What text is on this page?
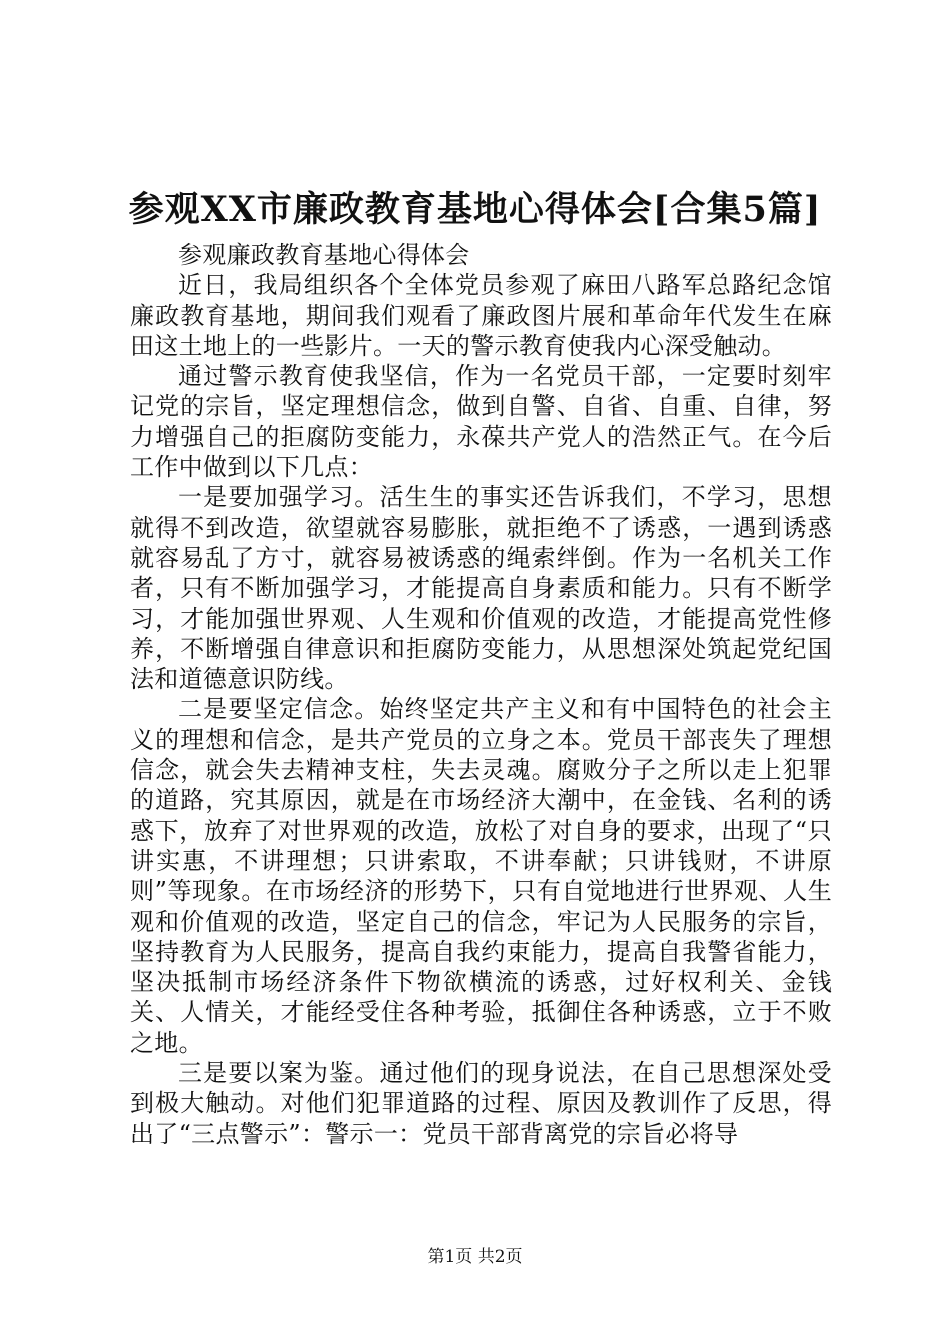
参观XX市廉政教育基地心得体会[合集5篇]

参观廉政教育基地心得体会

近日，我局组织各个全体党员参观了麻田八路军总路纪念馆廉政教育基地，期间我们观看了廉政图片展和革命年代发生在麻田这土地上的一些影片。一天的警示教育使我内心深受触动。

通过警示教育使我坚信，作为一名党员干部，一定要时刻牢记党的宗旨，坚定理想信念，做到自警、自省、自重、自律，努力增强自己的拒腐防变能力，永葆共产党人的浩然正气。在今后工作中做到以下几点：

一是要加强学习。活生生的事实还告诉我们，不学习，思想就得不到改造，欲望就容易膨胀，就拒绝不了诱惑，一遇到诱惑就容易乱了方寸，就容易被诱惑的绳索绊倒。作为一名机关工作者，只有不断加强学习，才能提高自身素质和能力。只有不断学习，才能加强世界观、人生观和价值观的改造，才能提高党性修养，不断增强自律意识和拒腐防变能力，从思想深处筑起党纪国法和道德意识防线。

二是要坚定信念。始终坚定共产主义和有中国特色的社会主义的理想和信念，是共产党员的立身之本。党员干部丧失了理想信念，就会失去精神支柱，失去灵魂。腐败分子之所以走上犯罪的道路，究其原因，就是在市场经济大潮中，在金钱、名利的诱惑下，放弃了对世界观的改造，放松了对自身的要求，出现了“只讲实惠，不讲理想；只讲索取，不讲奉献；只讲钱财，不讲原则”等现象。在市场经济的形势下，只有自觉地进行世界观、人生观和价值观的改造，坚定自己的信念，牢记为人民服务的宗旨，坚持教育为人民服务，提高自我约束能力，提高自我警省能力，坚决抵制市场经济条件下物欲横流的诱惑，过好权利关、金钱关、人情关，才能经受住各种考验，抵御住各种诱惑，立于不败之地。

三是要以案为鉴。通过他们的现身说法，在自己思想深处受到极大触动。对他们犯罪道路的过程、原因及教训作了反思，得出了“三点警示”：警示一：党员干部背离党的宗旨必将导

第1页 共2页
